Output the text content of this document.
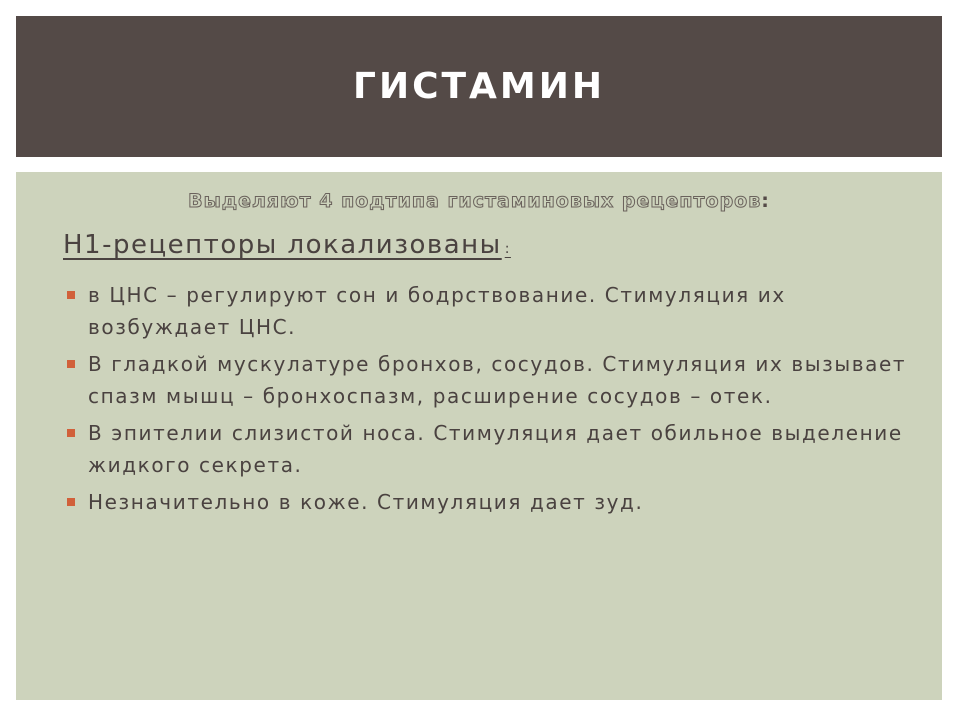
ГИСТАМИН
Выделяют 4 подтипа гистаминовых рецепторов:
Н1-рецепторы локализованы :
в ЦНС – регулируют сон и бодрствование. Стимуляция их возбуждает ЦНС.
В гладкой мускулатуре бронхов, сосудов. Стимуляция их вызывает спазм мышц – бронхоспазм, расширение сосудов – отек.
В эпителии слизистой носа. Стимуляция дает обильное выделение жидкого секрета.
Незначительно в коже. Стимуляция дает зуд.
